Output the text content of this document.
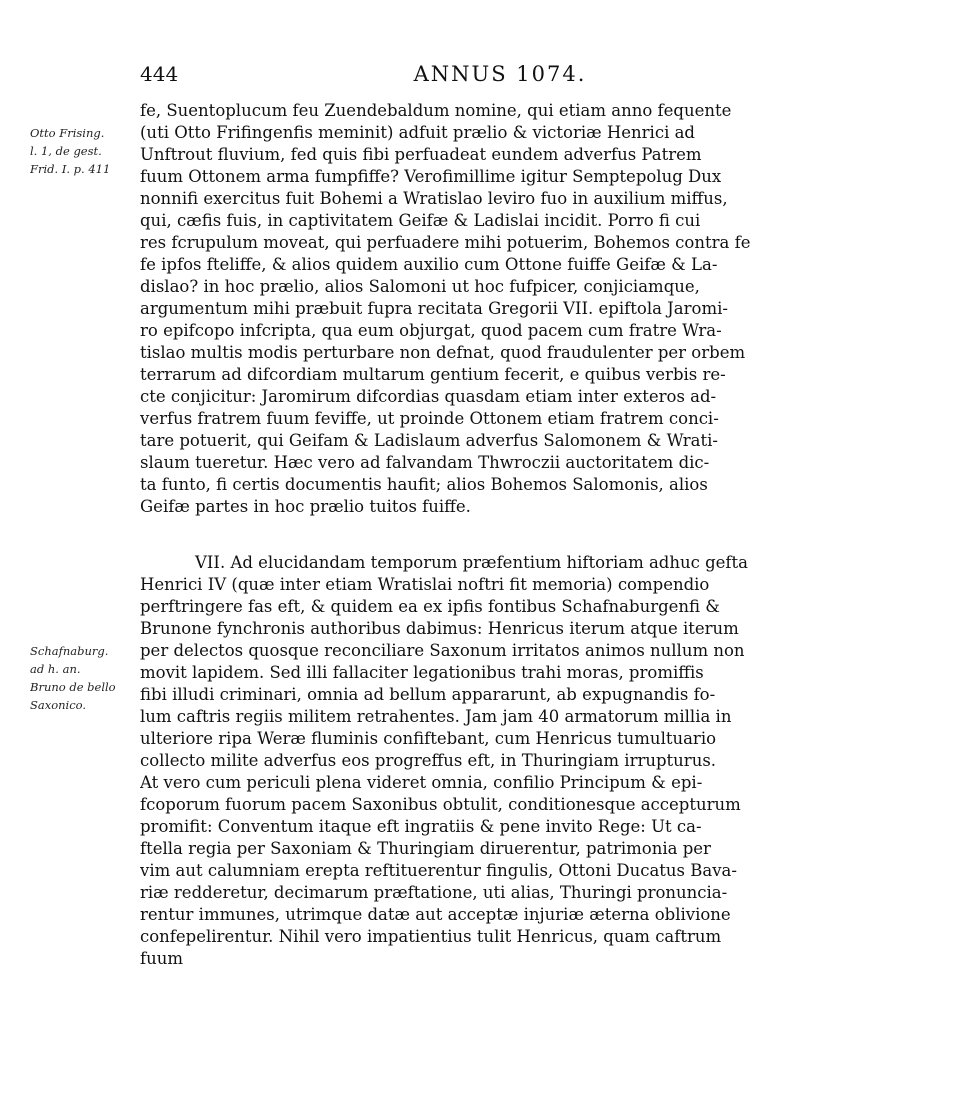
444	ANNUS 1074.
Otto Frising.
l. 1, de gest.
Frid. I. p. 411
Schafnaburg.
ad h. an.
Bruno de bello
Saxonico.
fe, Suentoplucum feu Zuendebaldum nomine, qui etiam anno fequente
(uti Otto Frifingenfis meminit) adfuit prælio & victoriæ Henrici ad
Unftrout fluvium, fed quis fibi perfuadeat eundem adverfus Patrem
fuum Ottonem arma fumpfiffe? Verofimillime igitur Semptepolug Dux
nonnifi exercitus fuit Bohemi a Wratislao leviro fuo in auxilium miffus,
qui, cæfis fuis, in captivitatem Geifæ & Ladislai incidit. Porro fi cui
res fcrupulum moveat, qui perfuadere mihi potuerim, Bohemos contra fe
fe ipfos fteliffe, & alios quidem auxilio cum Ottone fuiffe Geifæ & La-
dislao? in hoc prælio, alios Salomoni ut hoc fufpicer, conjiciamque,
argumentum mihi præbuit fupra recitata Gregorii VII. epiftola Jaromi-
ro epifcopo infcripta, qua eum objurgat, quod pacem cum fratre Wra-
tislao multis modis perturbare non defnat, quod fraudulenter per orbem
terrarum ad difcordiam multarum gentium fecerit, e quibus verbis re-
cte conjicitur: Jaromirum difcordias quasdam etiam inter exteros ad-
verfus fratrem fuum feviffe, ut proinde Ottonem etiam fratrem conci-
tare potuerit, qui Geifam & Ladislaum adverfus Salomonem & Wrati-
slaum tueretur. Hæc vero ad falvandam Thwroczii auctoritatem dic-
ta funto, fi certis documentis haufit; alios Bohemos Salomonis, alios
Geifæ partes in hoc prælio tuitos fuiffe.
VII. Ad elucidandam temporum præfentium hiftoriam adhuc gefta
Henrici IV (quæ inter etiam Wratislai noftri fit memoria) compendio
perftringere fas eft, & quidem ea ex ipfis fontibus Schafnaburgenfi &
Brunone fynchronis authoribus dabimus: Henricus iterum atque iterum
per delectos quosque reconciliare Saxonum irritatos animos nullum non
movit lapidem. Sed illi fallaciter legationibus trahi moras, promiffis
fibi illudi criminari, omnia ad bellum appararunt, ab expugnandis fo-
lum caftris regiis militem retrahentes. Jam jam 40 armatorum millia in
ulteriore ripa Weræ fluminis confiftebant, cum Henricus tumultuario
collecto milite adverfus eos progreffus eft, in Thuringiam irrupturus.
At vero cum periculi plena videret omnia, confilio Principum & epi-
fcoporum fuorum pacem Saxonibus obtulit, conditionesque accepturum
promifit: Conventum itaque eft ingratiis & pene invito Rege: Ut ca-
ftella regia per Saxoniam & Thuringiam diruerentur, patrimonia per
vim aut calumniam erepta reftituerentur fingulis, Ottoni Ducatus Bava-
riæ redderetur, decimarum præftatione, uti alias, Thuringi pronuncia-
rentur immunes, utrimque datæ aut acceptæ injuriæ æterna oblivione
confepelirentur. Nihil vero impatientius tulit Henricus, quam caftrum
fuum
